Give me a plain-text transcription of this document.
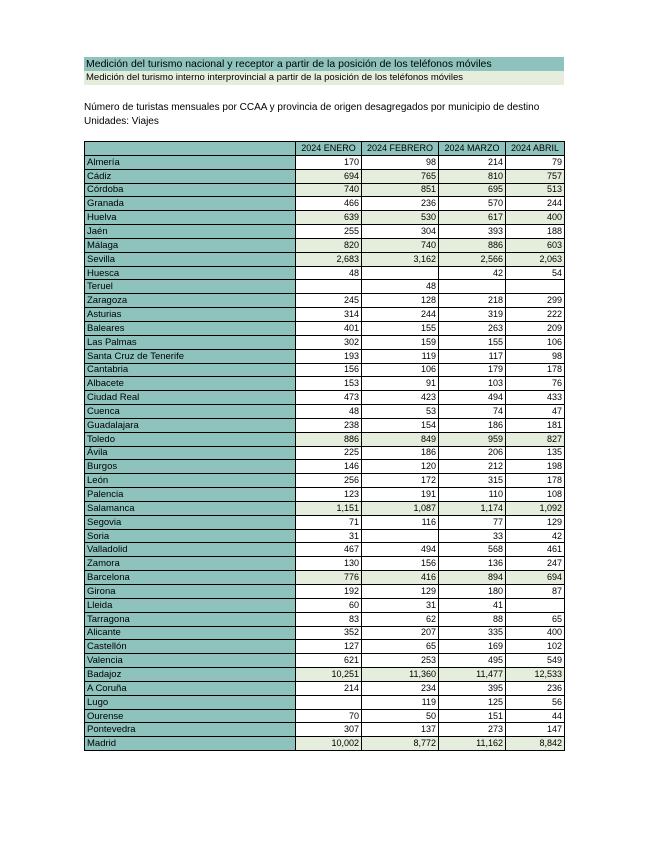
Medición del turismo nacional y receptor a partir de la posición de los teléfonos móviles
Medición del turismo interno interprovincial a partir de la posición de los teléfonos móviles
Número de turistas mensuales por CCAA y provincia de origen desagregados por municipio de destino
Unidades: Viajes
	2024 ENERO	2024 FEBRERO	2024 MARZO	2024 ABRIL
Almería	170	98	214	79
Cádiz	694	765	810	757
Córdoba	740	851	695	513
Granada	466	236	570	244
Huelva	639	530	617	400
Jaén	255	304	393	188
Málaga	820	740	886	603
Sevilla	2,683	3,162	2,566	2,063
Huesca	48		42	54
Teruel		48		
Zaragoza	245	128	218	299
Asturias	314	244	319	222
Baleares	401	155	263	209
Las Palmas	302	159	155	106
Santa Cruz de Tenerife	193	119	117	98
Cantabria	156	106	179	178
Albacete	153	91	103	76
Ciudad Real	473	423	494	433
Cuenca	48	53	74	47
Guadalajara	238	154	186	181
Toledo	886	849	959	827
Ávila	225	186	206	135
Burgos	146	120	212	198
León	256	172	315	178
Palencia	123	191	110	108
Salamanca	1,151	1,087	1,174	1,092
Segovia	71	116	77	129
Soria	31		33	42
Valladolid	467	494	568	461
Zamora	130	156	136	247
Barcelona	776	416	894	694
Girona	192	129	180	87
Lleida	60	31	41	
Tarragona	83	62	88	65
Alicante	352	207	335	400
Castellón	127	65	169	102
Valencia	621	253	495	549
Badajoz	10,251	11,360	11,477	12,533
A Coruña	214	234	395	236
Lugo		119	125	56
Ourense	70	50	151	44
Pontevedra	307	137	273	147
Madrid	10,002	8,772	11,162	8,842
